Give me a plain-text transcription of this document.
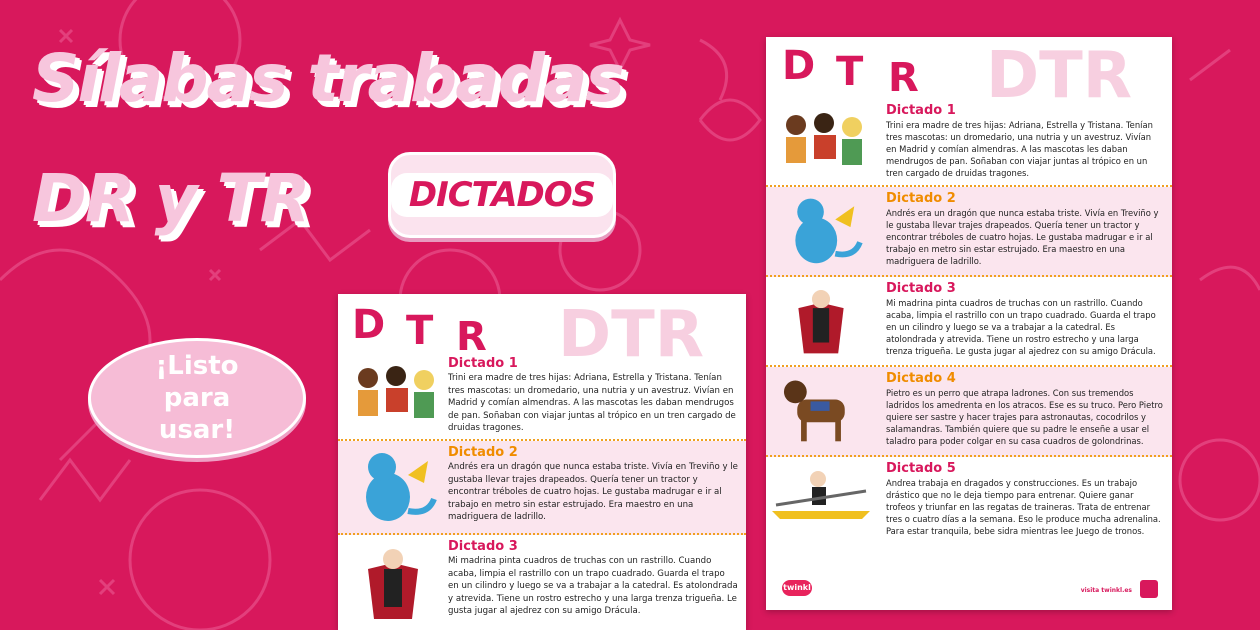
Sílabas trabadas
DR y TR	DICTADOS
¡Listo para usar!
DTR
D T R
Dictado 1
Trini era madre de tres hijas: Adriana, Estrella y Tristana. Tenían tres mascotas: un dromedario, una nutria y un avestruz. Vivían en Madrid y comían almendras. A las mascotas les daban mendrugos de pan. Soñaban con viajar juntas al trópico en un tren cargado de druidas tragones.
Dictado 2
Andrés era un dragón que nunca estaba triste. Vivía en Treviño y le gustaba llevar trajes drapeados. Quería tener un tractor y encontrar tréboles de cuatro hojas. Le gustaba madrugar e ir al trabajo en metro sin estar estrujado. Era maestro en una madriguera de ladrillo.
Dictado 3
Mi madrina pinta cuadros de truchas con un rastrillo. Cuando acaba, limpia el rastrillo con un trapo cuadrado. Guarda el trapo en un cilindro y luego se va a trabajar a la catedral. Es atolondrada y atrevida. Tiene un rostro estrecho y una larga trenza trigueña. Le gusta jugar al ajedrez con su amigo Drácula.
DTR
D T R
Dictado 1
Trini era madre de tres hijas: Adriana, Estrella y Tristana. Tenían tres mascotas: un dromedario, una nutria y un avestruz. Vivían en Madrid y comían almendras. A las mascotas les daban mendrugos de pan. Soñaban con viajar juntas al trópico en un tren cargado de druidas tragones.
Dictado 2
Andrés era un dragón que nunca estaba triste. Vivía en Treviño y le gustaba llevar trajes drapeados. Quería tener un tractor y encontrar tréboles de cuatro hojas. Le gustaba madrugar e ir al trabajo en metro sin estar estrujado. Era maestro en una madriguera de ladrillo.
Dictado 3
Mi madrina pinta cuadros de truchas con un rastrillo. Cuando acaba, limpia el rastrillo con un trapo cuadrado. Guarda el trapo en un cilindro y luego se va a trabajar a la catedral. Es atolondrada y atrevida. Tiene un rostro estrecho y una larga trenza trigueña. Le gusta jugar al ajedrez con su amigo Drácula.
Dictado 4
Pietro es un perro que atrapa ladrones. Con sus tremendos ladridos los amedrenta en los atracos. Ese es su truco. Pero Pietro quiere ser sastre y hacer trajes para astronautas, cocodrilos y salamandras. También quiere que su padre le enseñe a usar el taladro para poder colgar en su casa cuadros de golondrinas.
Dictado 5
Andrea trabaja en dragados y construcciones. Es un trabajo drástico que no le deja tiempo para entrenar. Quiere ganar trofeos y triunfar en las regatas de traineras. Trata de entrenar tres o cuatro días a la semana. Eso le produce mucha adrenalina. Para estar tranquila, bebe sidra mientras lee Juego de tronos.
twinkl	visita twinkl.es
